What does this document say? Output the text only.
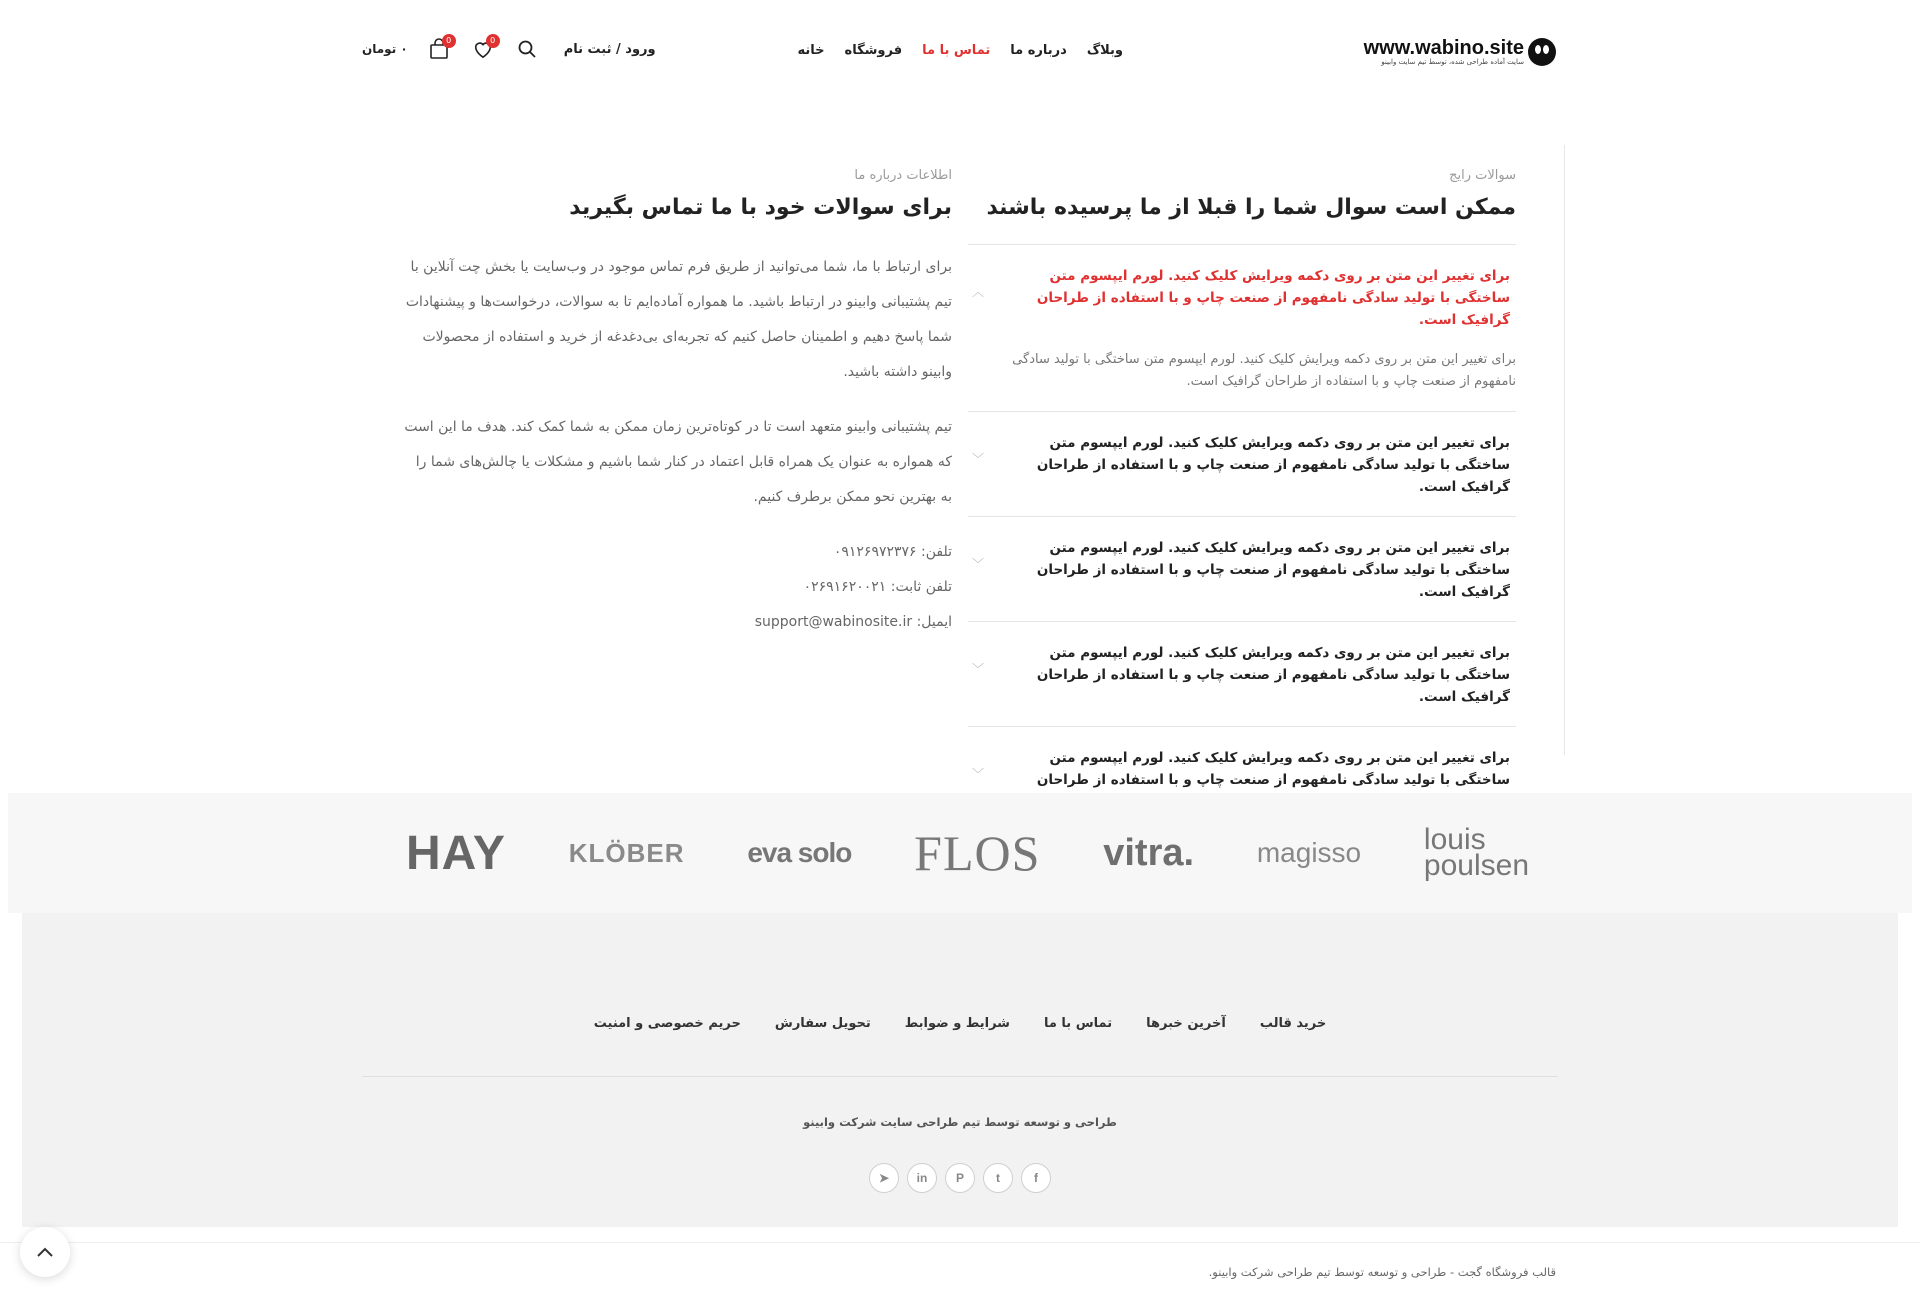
www.wabino.site
سایت آماده طراحی شده، توسط تیم سایت وابینو
خانه فروشگاه تماس با ما درباره ما وبلاگ
۰ تومان
0	0
ورود / ثبت نام
سوالات رایج
ممکن است سوال شما را قبلا از ما پرسیده باشند
برای تغییر این متن بر روی دکمه ویرایش کلیک کنید. لورم ایپسوم متن ساختگی با تولید سادگی نامفهوم از صنعت چاپ و با استفاده از طراحان گرافیک است.
︿
برای تغییر این متن بر روی دکمه ویرایش کلیک کنید. لورم ایپسوم متن ساختگی با تولید سادگی نامفهوم از صنعت چاپ و با استفاده از طراحان گرافیک است.
برای تغییر این متن بر روی دکمه ویرایش کلیک کنید. لورم ایپسوم متن ساختگی با تولید سادگی نامفهوم از صنعت چاپ و با استفاده از طراحان گرافیک است.
﹀
برای تغییر این متن بر روی دکمه ویرایش کلیک کنید. لورم ایپسوم متن ساختگی با تولید سادگی نامفهوم از صنعت چاپ و با استفاده از طراحان گرافیک است.
﹀
برای تغییر این متن بر روی دکمه ویرایش کلیک کنید. لورم ایپسوم متن ساختگی با تولید سادگی نامفهوم از صنعت چاپ و با استفاده از طراحان گرافیک است.
﹀
برای تغییر این متن بر روی دکمه ویرایش کلیک کنید. لورم ایپسوم متن ساختگی با تولید سادگی نامفهوم از صنعت چاپ و با استفاده از طراحان
﹀
اطلاعات درباره ما
برای سوالات خود با ما تماس بگیرید

برای ارتباط با ما، شما می‌توانید از طریق فرم تماس موجود در وب‌سایت یا بخش چت آنلاین با تیم پشتیبانی وابینو در ارتباط باشید. ما همواره آماده‌ایم تا به سوالات، درخواست‌ها و پیشنهادات شما پاسخ دهیم و اطمینان حاصل کنیم که تجربه‌ای بی‌دغدغه از خرید و استفاده از محصولات وابینو داشته باشید.

تیم پشتیبانی وابینو متعهد است تا در کوتاه‌ترین زمان ممکن به شما کمک کند. هدف ما این است که همواره به عنوان یک همراه قابل اعتماد در کنار شما باشیم و مشکلات یا چالش‌های شما را به بهترین نحو ممکن برطرف کنیم.

تلفن: ۰۹۱۲۶۹۷۲۳۷۶
تلفن ثابت: ۰۲۶۹۱۶۲۰۰۲۱
ایمیل: support@wabinosite.ir
HAY KLÖBER eva solo FLOS vitra. magisso louis poulsen
حریم خصوصی و امنیت	تحویل سفارش	شرایط و ضوابط	تماس با ما	آخرین خبرها	خرید قالب
طراحی و توسعه توسط تیم طراحی سایت شرکت وابینو
➤	in	P	t	f
قالب فروشگاه گجت - طراحی و توسعه توسط تیم طراحی شرکت وابینو.
